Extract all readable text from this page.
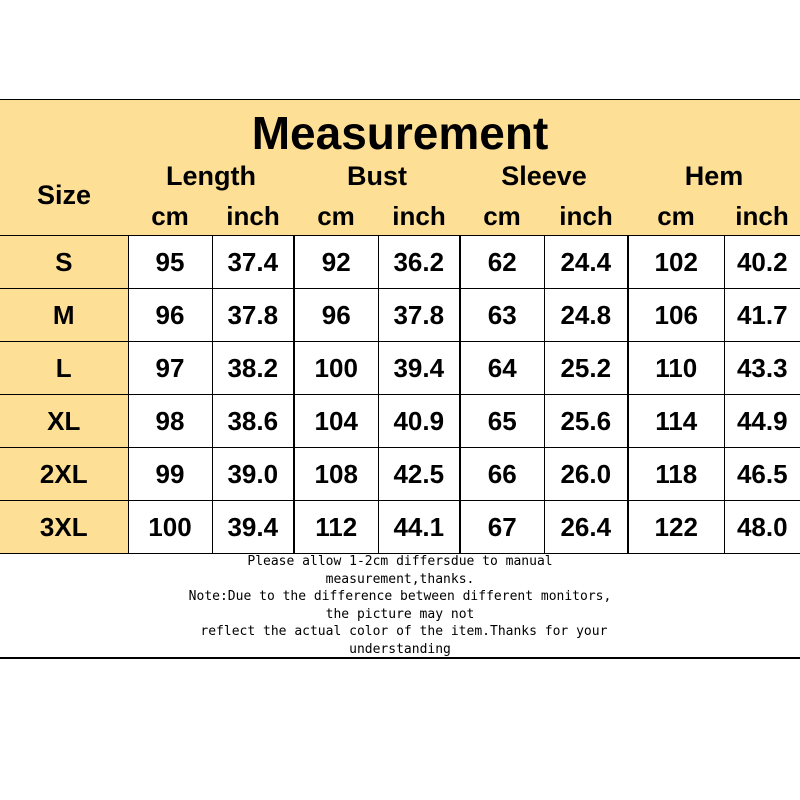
Measurement
Size
Length	Bust	Sleeve	Hem
cm	inch	cm	inch	cm	inch	cm	inch
S	95	37.4	92	36.2	62	24.4	102	40.2
M	96	37.8	96	37.8	63	24.8	106	41.7
L	97	38.2	100	39.4	64	25.2	110	43.3
XL	98	38.6	104	40.9	65	25.6	114	44.9
2XL	99	39.0	108	42.5	66	26.0	118	46.5
3XL	100	39.4	112	44.1	67	26.4	122	48.0
Please allow 1-2cm differsdue to manual
measurement,thanks.
Note:Due to the difference between different monitors,
the picture may not
reflect the actual color of the item.Thanks for your
understanding
